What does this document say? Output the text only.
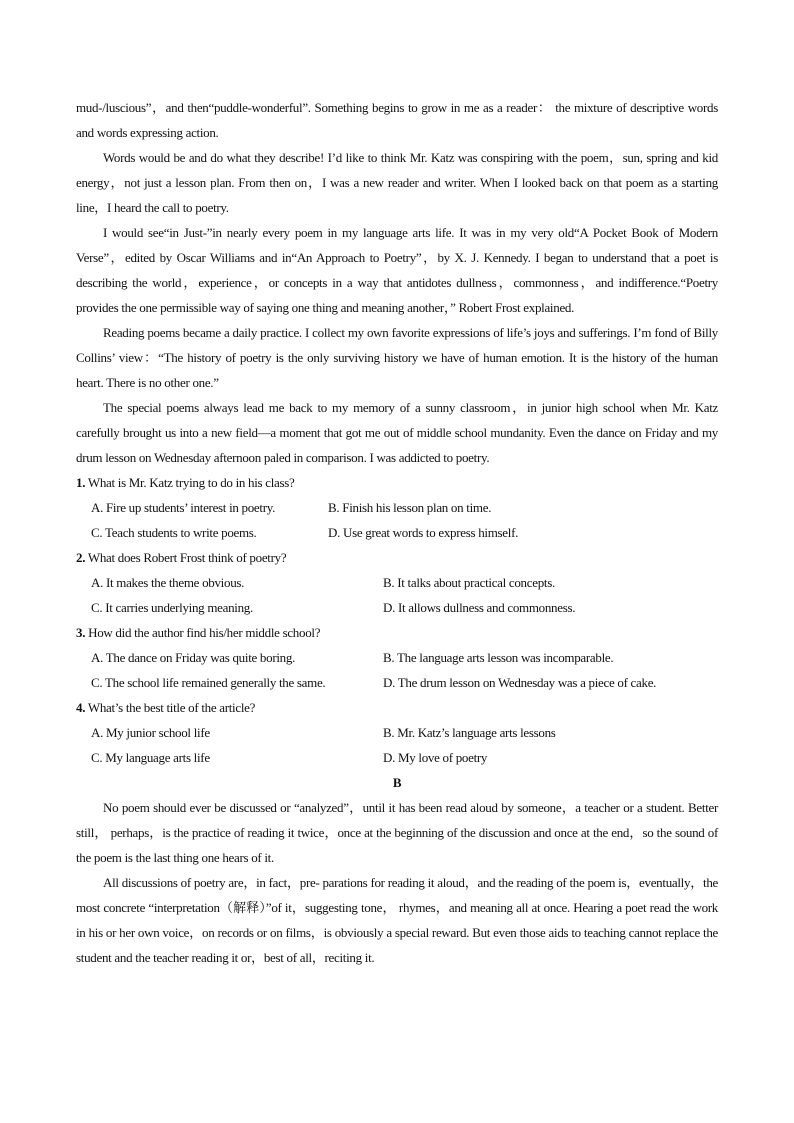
mud-/luscious”，and then“puddle-wonderful”. Something begins to grow in me as a reader： the mixture of descriptive words and words expressing action.

Words would be and do what they describe! I’d like to think Mr. Katz was conspiring with the poem，sun, spring and kid energy，not just a lesson plan. From then on，I was a new reader and writer. When I looked back on that poem as a starting line，I heard the call to poetry.

I would see“in Just-”in nearly every poem in my language arts life. It was in my very old“A Pocket Book of Modern Verse”，edited by Oscar Williams and in“An Approach to Poetry”，by X. J. Kennedy. I began to understand that a poet is describing the world，experience，or concepts in a way that antidotes dullness，commonness，and indifference.“Poetry provides the one permissible way of saying one thing and meaning another，” Robert Frost explained.

Reading poems became a daily practice. I collect my own favorite expressions of life’s joys and sufferings. I’m fond of Billy Collins’ view：“The history of poetry is the only surviving history we have of human emotion. It is the history of the human heart. There is no other one.”

The special poems always lead me back to my memory of a sunny classroom，in junior high school when Mr. Katz carefully brought us into a new field—a moment that got me out of middle school mundanity. Even the dance on Friday and my drum lesson on Wednesday afternoon paled in comparison. I was addicted to poetry.

1. What is Mr. Katz trying to do in his class?
A. Fire up students’ interest in poetry.	B. Finish his lesson plan on time.
C. Teach students to write poems.	D. Use great words to express himself.
2. What does Robert Frost think of poetry?
A. It makes the theme obvious.	B. It talks about practical concepts.
C. It carries underlying meaning.	D. It allows dullness and commonness.
3. How did the author find his/her middle school?
A. The dance on Friday was quite boring.	B. The language arts lesson was incomparable.
C. The school life remained generally the same.	D. The drum lesson on Wednesday was a piece of cake.
4. What’s the best title of the article?
A. My junior school life	B. Mr. Katz’s language arts lessons
C. My language arts life	D. My love of poetry
B

No poem should ever be discussed or “analyzed”，until it has been read aloud by someone，a teacher or a student. Better still， perhaps，is the practice of reading it twice，once at the beginning of the discussion and once at the end，so the sound of the poem is the last thing one hears of it.

All discussions of poetry are，in fact，pre- parations for reading it aloud，and the reading of the poem is，eventually，the most concrete “interpretation（解释）”of it，suggesting tone， rhymes，and meaning all at once. Hearing a poet read the work in his or her own voice，on records or on films，is obviously a special reward. But even those aids to teaching cannot replace the student and the teacher reading it or，best of all，reciting it.
